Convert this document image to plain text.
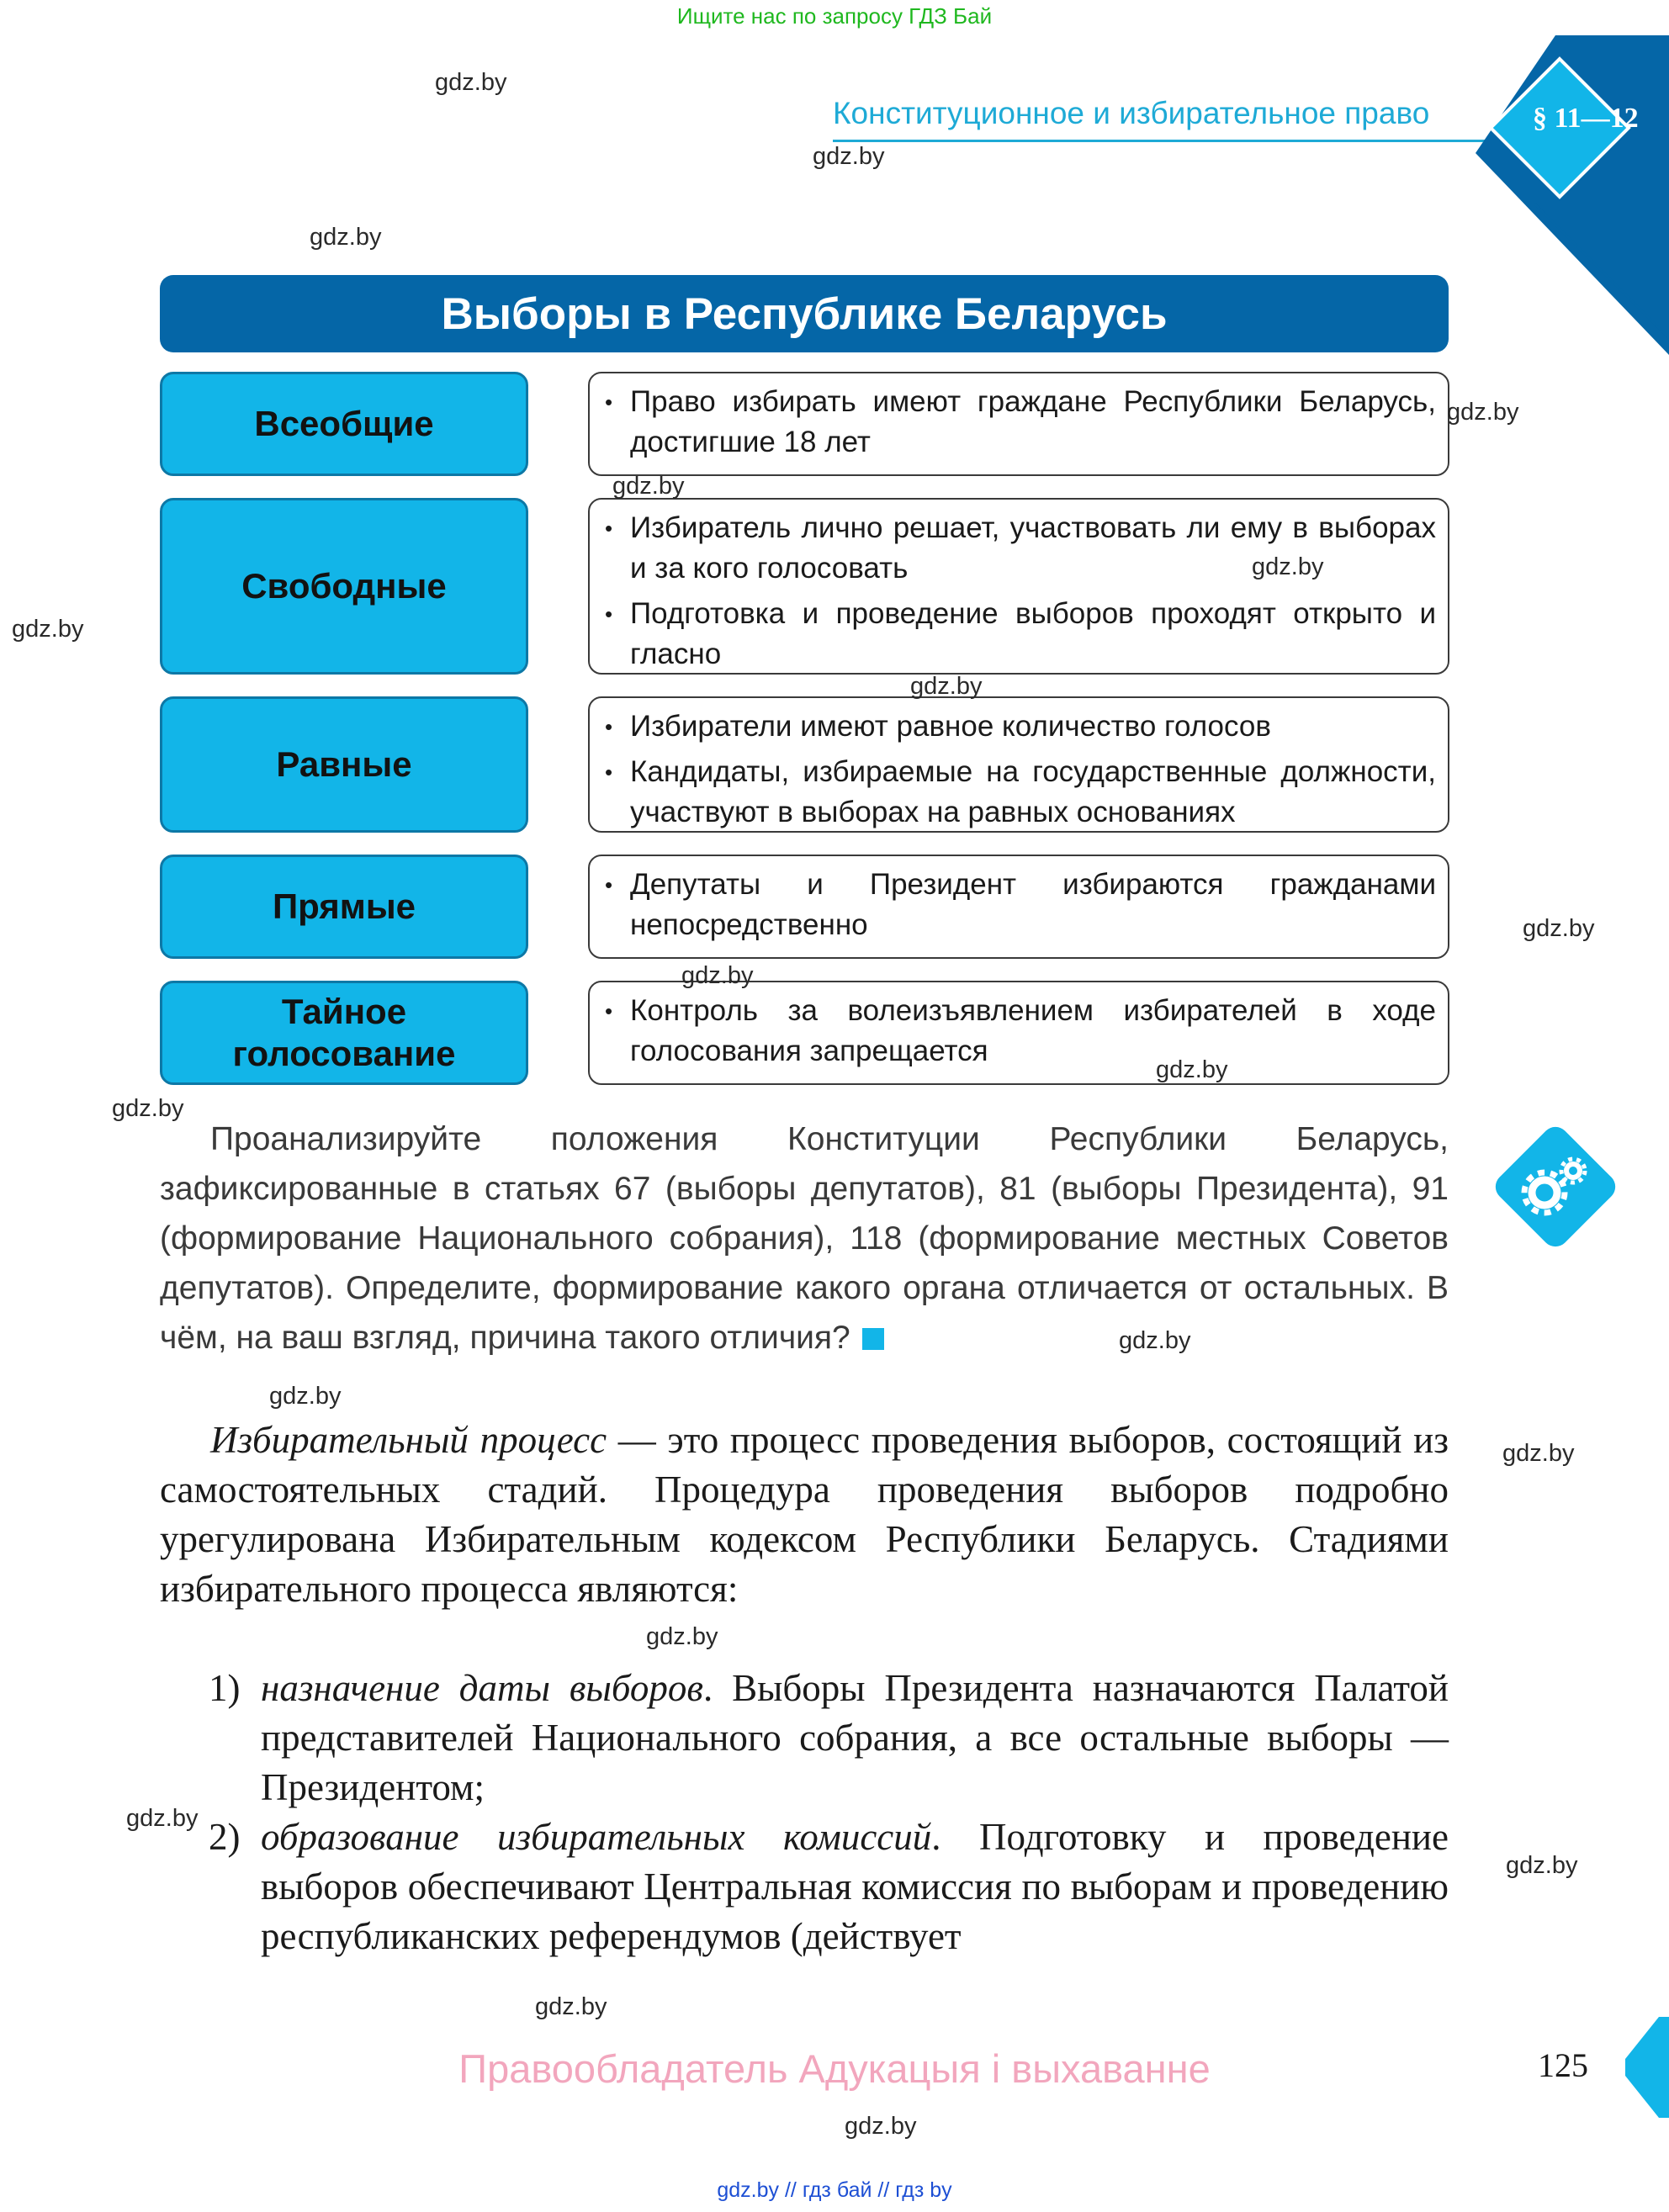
Ищите нас по запросу ГДЗ Бай
Конституционное и избирательное право	§ 11—12
Выборы в Республике Беларусь
Всеобщие
• Право избирать имеют граждане Республики Беларусь, достигшие 18 лет
Свободные
• Избиратель лично решает, участвовать ли ему в выборах и за кого голосовать
• Подготовка и проведение выборов проходят открыто и гласно
Равные
• Избиратели имеют равное количество голосов
• Кандидаты, избираемые на государственные должности, участвуют в выборах на равных основаниях
Прямые
• Депутаты и Президент избираются гражданами непосредственно
Тайное голосование
• Контроль за волеизъявлением избирателей в ходе голосования запрещается
Проанализируйте положения Конституции Республики Беларусь, зафиксированные в статьях 67 (выборы депутатов), 81 (выборы Президента), 91 (формирование Национального собрания), 118 (формирование местных Советов депутатов). Определите, формирование какого органа отличается от остальных. В чём, на ваш взгляд, причина такого отличия?
Избирательный процесс — это процесс проведения выборов, состоящий из самостоятельных стадий. Процедура проведения выборов подробно урегулирована Избирательным кодексом Республики Беларусь. Стадиями избирательного процесса являются:
1) назначение даты выборов. Выборы Президента назначаются Палатой представителей Национального собрания, а все остальные выборы — Президентом;
2) образование избирательных комиссий. Подготовку и проведение выборов обеспечивают Центральная комиссия по выборам и проведению республиканских референдумов (действует
gdz.by
gdz.by
gdz.by
gdz.by
gdz.by
gdz.by
gdz.by
gdz.by
gdz.by
gdz.by
gdz.by
gdz.by
gdz.by
gdz.by
gdz.by
gdz.by
gdz.by
gdz.by
gdz.by
gdz.by
Правообладатель Адукацыя і выхаванне	125
gdz.by // гдз бай // гдз by
